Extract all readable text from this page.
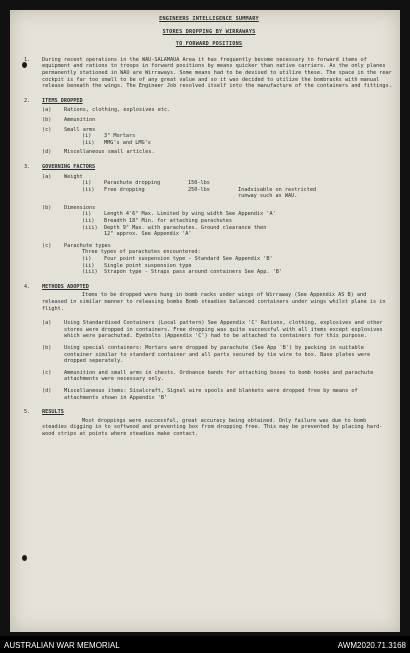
ENGINEERS INTELLIGENCE SUMMARY
STORES DROPPING BY WIRRAWAYS
TO FORWARD POSITIONS
1.	During recent operations in the WAU-SALAMAUA Area it has frequently become necessary to forward items of equipment and rations to troops in forward positions by means quicker than native carriers. As the only planes permanently stationed in WAU are Wirraways. Some means had to be devised to utilize these. The space in the rear cockpit is far too small to be of any great value and so it was decided to utilize the bombracks with manual release beneath the wings. The Engineer Job resolved itself into the manufacture of the containers and fittings.
2.	ITEMS DROPPED
(a)	Rations, clothing, explosives etc.
(b)	Ammunition
(c)	Small arms
(i)	3" Mortars
(ii)	MMG's and LMG's
(d)	Miscellaneous small articles.
3.	GOVERNING FACTORS
(a)	Weight
(i)	Parachute dropping	150-lbs
(ii)	Free dropping	250-lbs	Inadvisable on restricted
runway such as WAU.
(b)	Dimensions
(i)	Length 4'6" Max. Limited by wing width See Appendix 'A'
(ii)	Breadth 18" Min. for attaching parachutes
(iii)	Depth 9" Max. with parachutes. Ground clearance then
12" approx. See Appendix 'A'
(c)	Parachute types
Three types of parachutes encountered:
(i)	Four point suspension type - Standard See Appendix 'B'
(ii)	Single point suspension type
(iii)	Strapon type - Straps pass around containers See App. 'B'
4.	METHODS ADOPTED
Items to be dropped were hung in bomb racks under wings of Wirraway (See Appendix AS B) and released in similar manner to releasing bombs Bomb steadies balanced containers under wings whilst plane is in flight.
(a)	Using Standardised Containers (Local pattern) See Appendix 'C' Rations, clothing, explosives and other stores were dropped in containers. Free dropping was quite successful with all items except explosives which were parachuted. Eyebolts (Appendix 'C') had to be attached to containers for this purpose.
(b)	Using special containers: Mortars were dropped by parachute (See App 'B') by packing in suitable container similar to standard container and all parts secured by tie wire to box. Base plates were dropped seperately.
(c)	Ammunition and small arms in chests. Ordnance bands for attaching boxes to bomb hooks and parachute attachments were necessary only.
(d)	Miscellaneous items: Sisalcraft, Signal wire spools and blankets were dropped free by means of attachments shown in Appendix 'B'
5.	RESULTS
Most droppings were successful, great accuracy being obtained. Only failure was due to bomb steadies digging in to softwood and preventing box from dropping free. This may be prevented by placing hard-wood strips at points where steadies make contact.
AUSTRALIAN WAR MEMORIAL	AWM2020.71.3168
